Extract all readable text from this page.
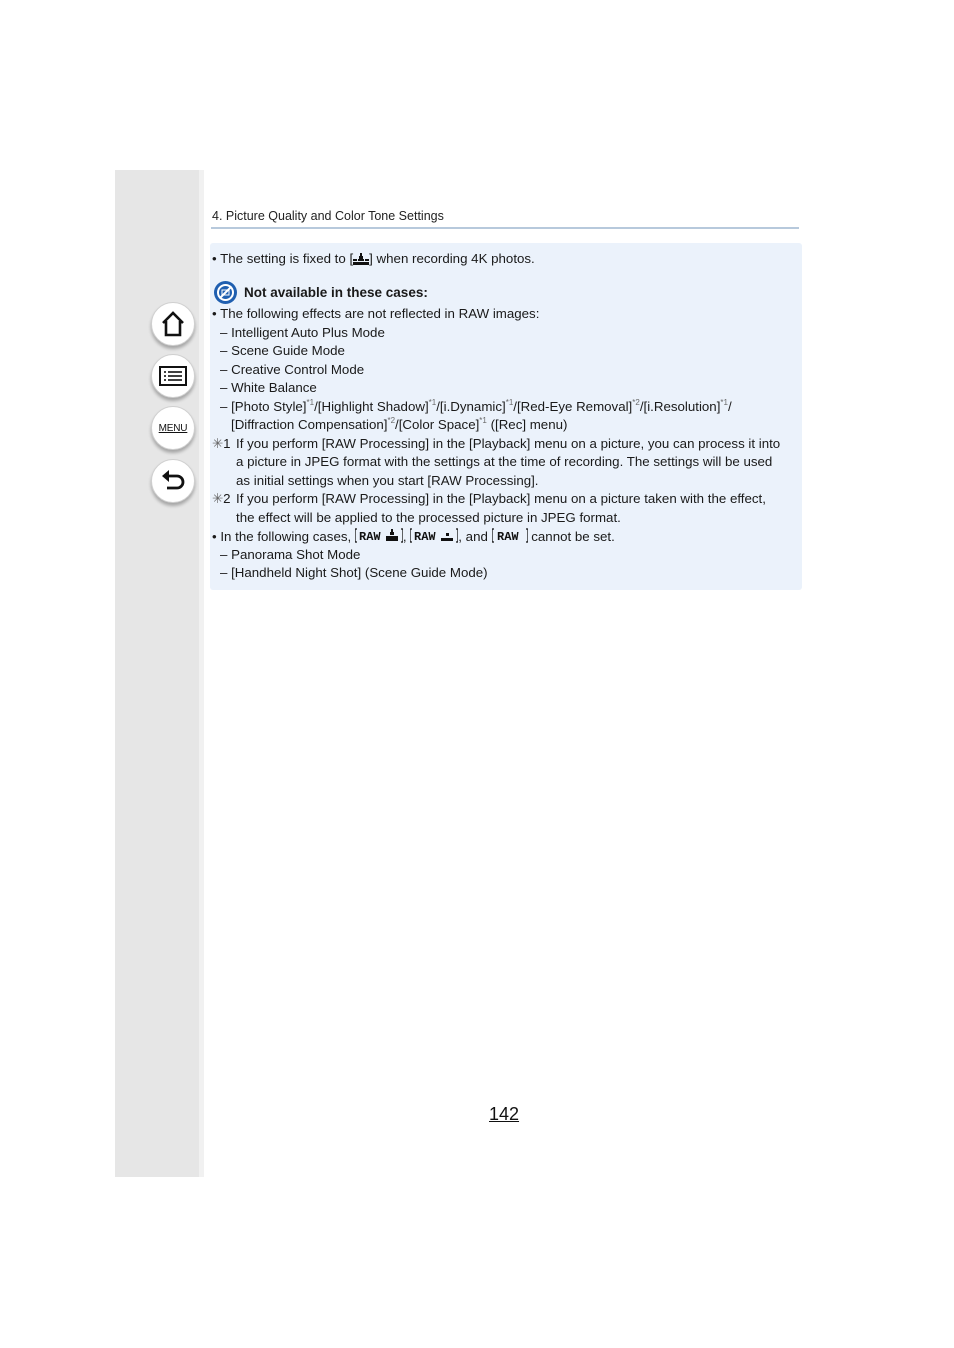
MENU
4. Picture Quality and Color Tone Settings
• The setting is fixed to [ ] when recording 4K photos.
Not available in these cases:
• The following effects are not reflected in RAW images:
– Intelligent Auto Plus Mode
– Scene Guide Mode
– Creative Control Mode
– White Balance
– [Photo Style]$^{*1}$/[Highlight Shadow]$^{*1}$/[i.Dynamic]$^{*1}$/[Red-Eye Removal]$^{*2}$/[i.Resolution]$^{*1}$/
[Diffraction Compensation]$^{*2}$/[Color Space]$^{*1}$ ([Rec] menu)
✳1 If you perform [RAW Processing] in the [Playback] menu on a picture, you can process it into
a picture in JPEG format with the settings at the time of recording. The settings will be used
as initial settings when you start [RAW Processing].
✳2 If you perform [RAW Processing] in the [Playback] menu on a picture taken with the effect,
the effect will be applied to the processed picture in JPEG format.
• In the following cases, RAW , RAW , and RAW cannot be set.
– Panorama Shot Mode
– [Handheld Night Shot] (Scene Guide Mode)
142
